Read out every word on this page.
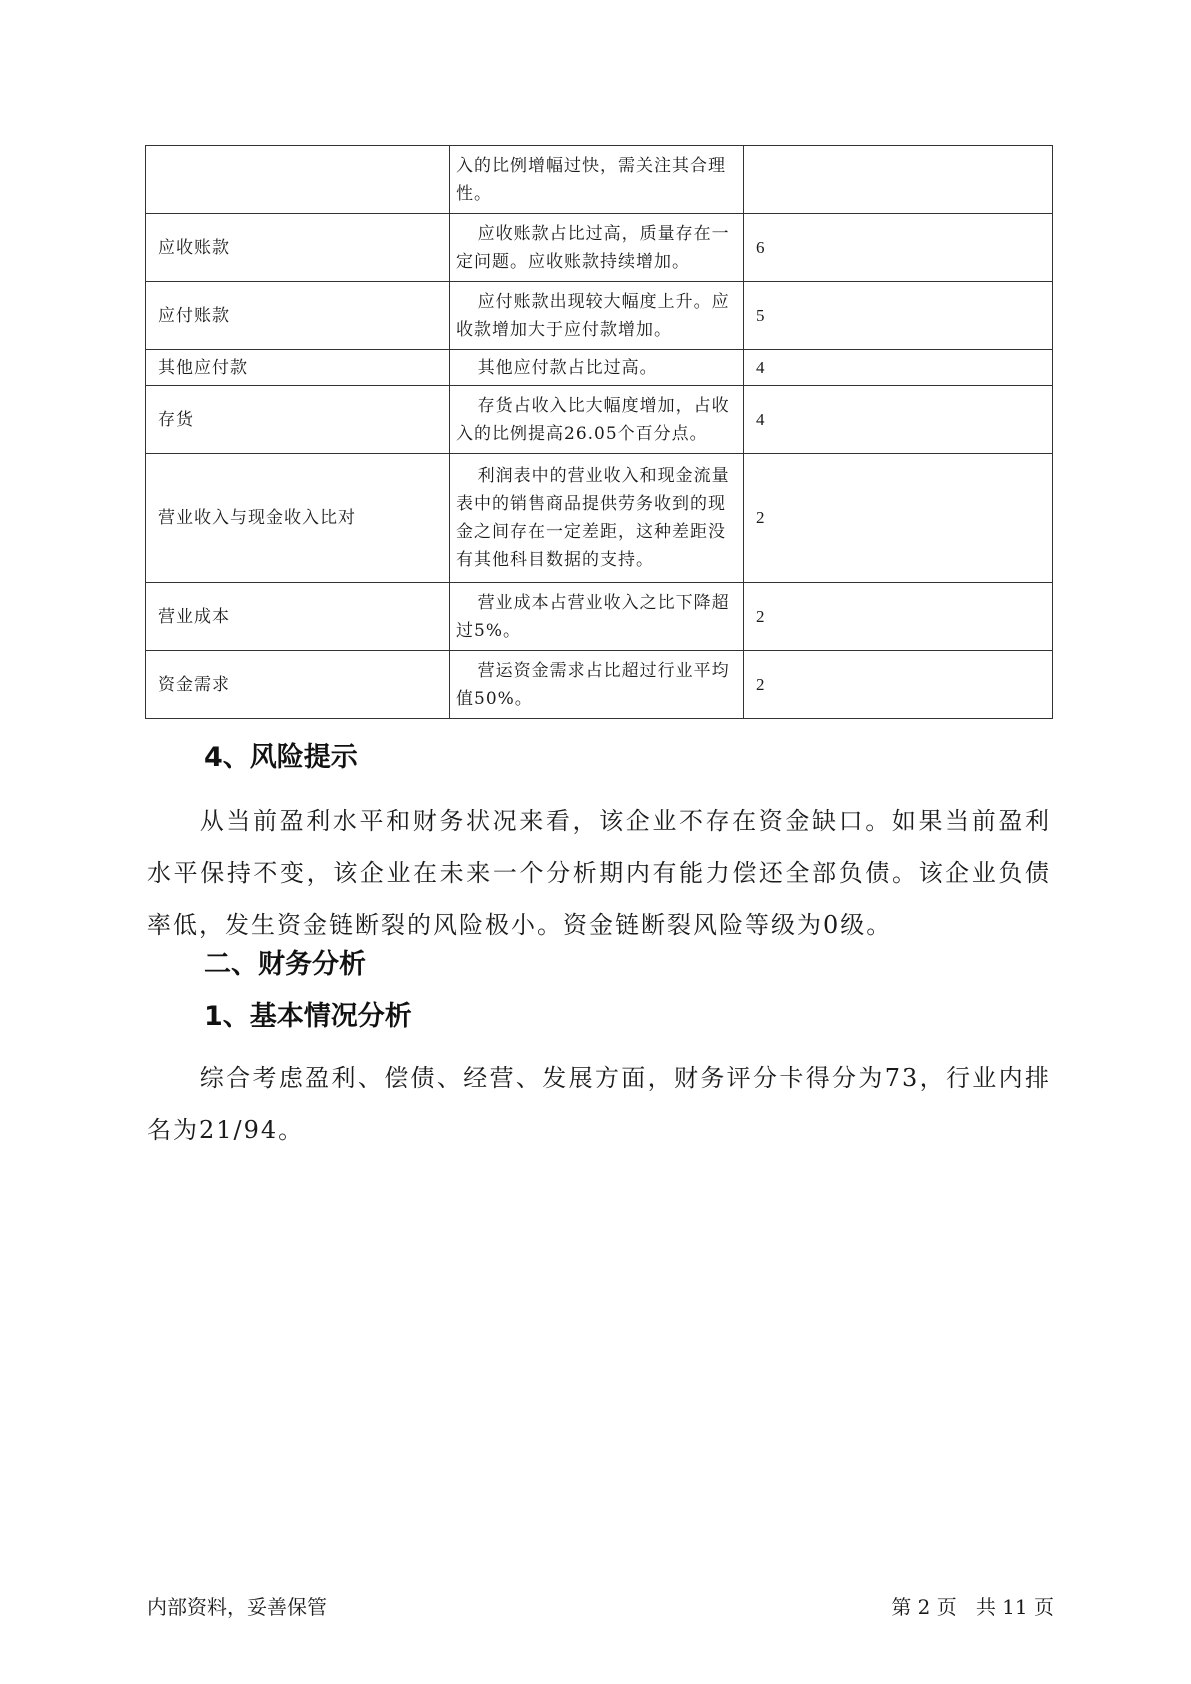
	入的比例增幅过快，需关注其合理性。	
应收账款	应收账款占比过高，质量存在一定问题。应收账款持续增加。	6
应付账款	应付账款出现较大幅度上升。应收款增加大于应付款增加。	5
其他应付款	其他应付款占比过高。	4
存货	存货占收入比大幅度增加，占收入的比例提高26.05个百分点。	4
营业收入与现金收入比对	利润表中的营业收入和现金流量表中的销售商品提供劳务收到的现金之间存在一定差距，这种差距没有其他科目数据的支持。	2
营业成本	营业成本占营业收入之比下降超过5%。	2
资金需求	营运资金需求占比超过行业平均值50%。	2
4、风险提示
从当前盈利水平和财务状况来看，该企业不存在资金缺口。如果当前盈利水平保持不变，该企业在未来一个分析期内有能力偿还全部负债。该企业负债率低，发生资金链断裂的风险极小。资金链断裂风险等级为0级。
二、财务分析
1、基本情况分析
综合考虑盈利、偿债、经营、发展方面，财务评分卡得分为73，行业内排名为21/94。
内部资料，妥善保管	第 2 页   共 11 页
